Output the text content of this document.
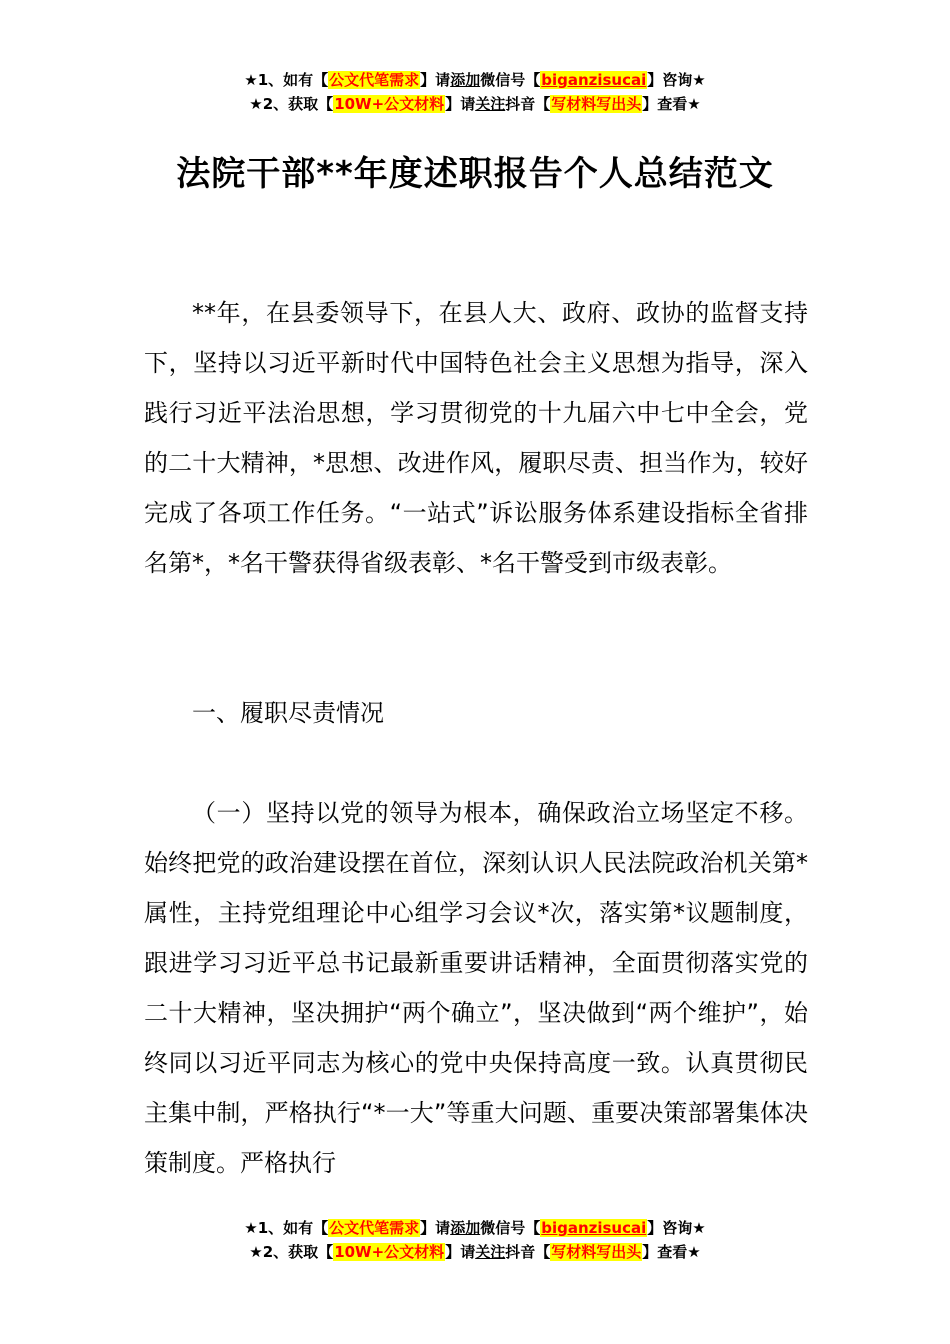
★1、如有【公文代笔需求】请添加微信号【biganzisucai】咨询★
★2、获取【10W+公文材料】请关注抖音【写材料写出头】查看★
法院干部**年度述职报告个人总结范文

**年，在县委领导下，在县人大、政府、政协的监督支持下，坚持以习近平新时代中国特色社会主义思想为指导，深入践行习近平法治思想，学习贯彻党的十九届六中七中全会，党的二十大精神，*思想、改进作风，履职尽责、担当作为，较好完成了各项工作任务。“一站式”诉讼服务体系建设指标全省排名第*，*名干警获得省级表彰、*名干警受到市级表彰。

一、履职尽责情况

（一）坚持以党的领导为根本，确保政治立场坚定不移。始终把党的政治建设摆在首位，深刻认识人民法院政治机关第*属性，主持党组理论中心组学习会议*次，落实第*议题制度，跟进学习习近平总书记最新重要讲话精神，全面贯彻落实党的二十大精神，坚决拥护“两个确立”，坚决做到“两个维护”，始终同以习近平同志为核心的党中央保持高度一致。认真贯彻民主集中制，严格执行“*一大”等重大问题、重要决策部署集体决策制度。严格执行

★1、如有【公文代笔需求】请添加微信号【biganzisucai】咨询★
★2、获取【10W+公文材料】请关注抖音【写材料写出头】查看★
